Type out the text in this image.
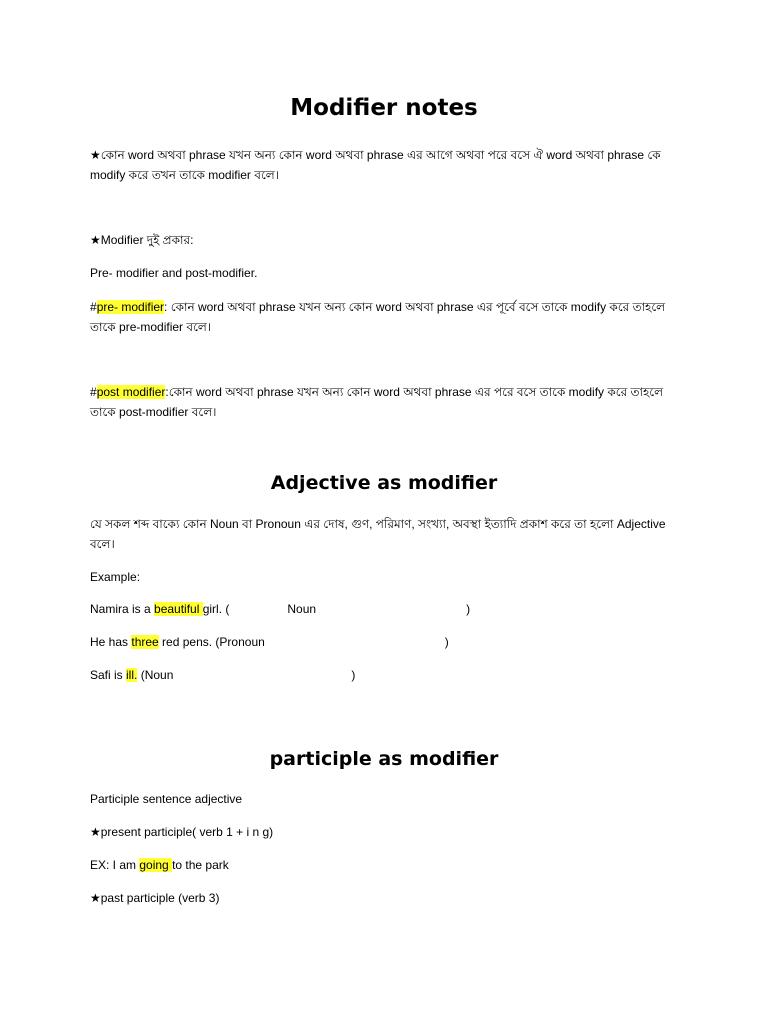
Modifier notes

★কোন word অথবা phrase যখন অন্য কোন word অথবা phrase এর আগে অথবা পরে বসে ঐ word অথবা phrase কে modify করে তখন তাকে modifier বলে।

★Modifier দুই প্রকার:

Pre- modifier and post-modifier.

#pre- modifier: কোন word অথবা phrase যখন অন্য কোন word অথবা phrase এর পূর্বে বসে তাকে modify করে তাহলে তাকে pre-modifier বলে।

#post modifier:কোন word অথবা phrase যখন অন্য কোন word অথবা phrase এর পরে বসে তাকে modify করে তাহলে তাকে post-modifier বলে।

Adjective as modifier

যে সকল শব্দ বাক্যে কোন Noun বা Pronoun এর দোষ, গুণ, পরিমাণ, সংখ্যা, অবস্থা ইত্যাদি প্রকাশ করে তা হলো Adjective বলে।

Example:

Namira is a beautiful girl. (	Noun	)

He has three red pens. (Pronoun	)

Safi is ill. (Noun	)

participle as modifier

Participle sentence adjective

★present participle( verb 1 + i n g)

EX: I am going to the park

★past participle (verb 3)
